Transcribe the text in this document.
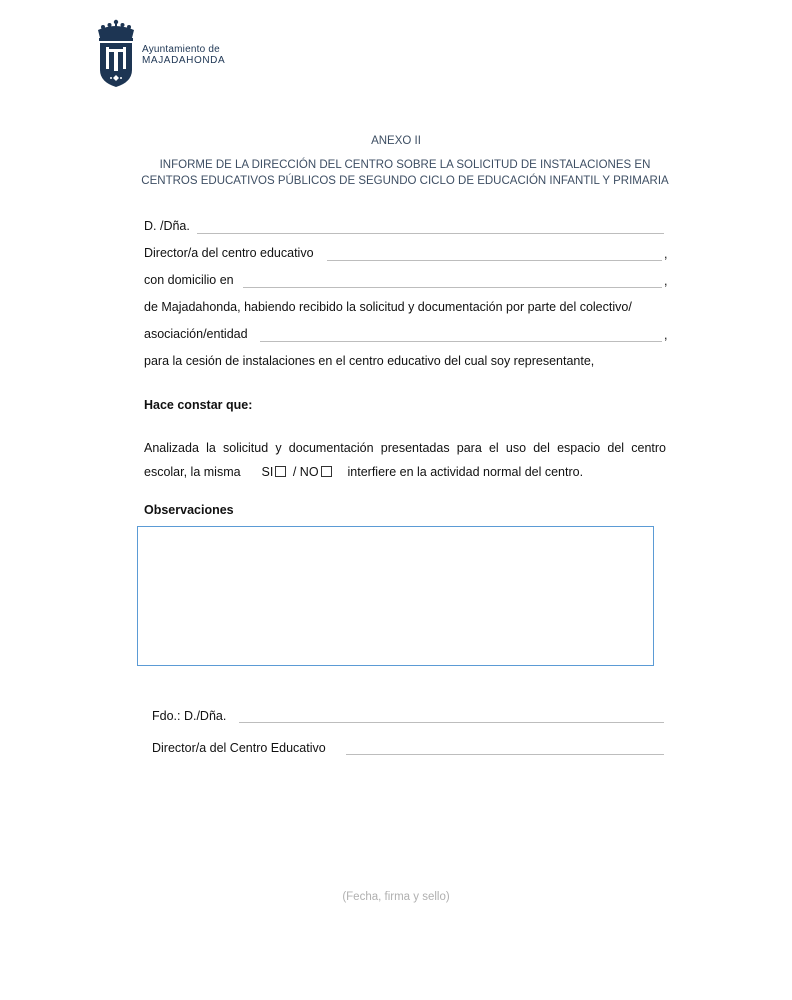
Ayuntamiento de
MAJADAHONDA
ANEXO II
INFORME DE LA DIRECCIÓN DEL CENTRO SOBRE LA SOLICITUD DE INSTALACIONES EN
CENTROS EDUCATIVOS PÚBLICOS DE SEGUNDO CICLO DE EDUCACIÓN INFANTIL Y PRIMARIA
D. /Dña.
Director/a del centro educativo	,
con domicilio en	,
de Majadahonda, habiendo recibido la solicitud y documentación por parte del colectivo/
asociación/entidad	,
para la cesión de instalaciones en el centro educativo del cual soy representante,
Hace constar que:
Analizada la solicitud y documentación presentadas para el uso del espacio del centro
escolar, la misma SI / NO interfiere en la actividad normal del centro.
Observaciones
Fdo.: D./Dña.
Director/a del Centro Educativo
(Fecha, firma y sello)
